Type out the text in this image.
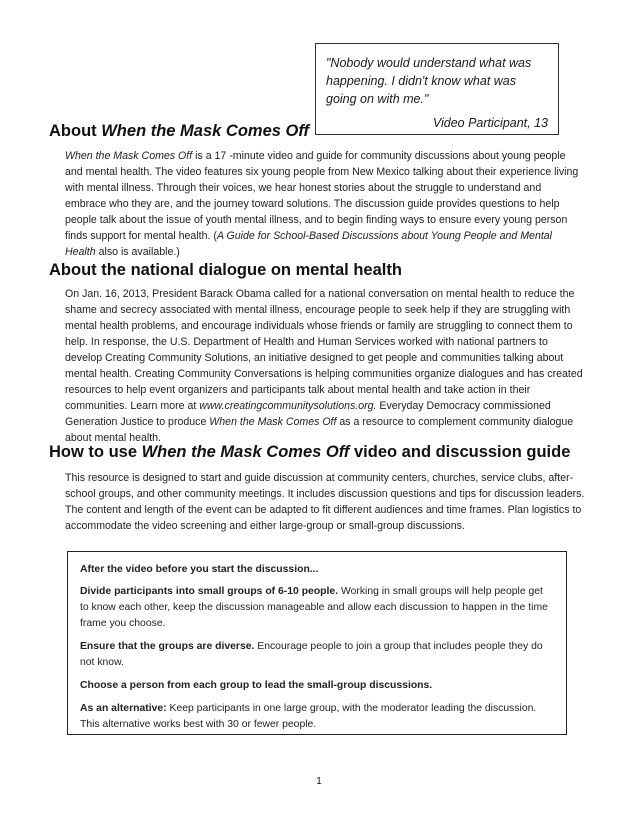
"Nobody would understand what was happening. I didn't know what was going on with me."
Video Participant, 13
About When the Mask Comes Off

When the Mask Comes Off is a 17 -minute video and guide for community discussions about young people and mental health. The video features six young people from New Mexico talking about their experience living with mental illness. Through their voices, we hear honest stories about the struggle to understand and embrace who they are, and the journey toward solutions. The discussion guide provides questions to help people talk about the issue of youth mental illness, and to begin finding ways to ensure every young person finds support for mental health. (A Guide for School-Based Discussions about Young People and Mental Health also is available.)

About the national dialogue on mental health

On Jan. 16, 2013, President Barack Obama called for a national conversation on mental health to reduce the shame and secrecy associated with mental illness, encourage people to seek help if they are struggling with mental health problems, and encourage individuals whose friends or family are struggling to connect them to help. In response, the U.S. Department of Health and Human Services worked with national partners to develop Creating Community Solutions, an initiative designed to get people and communities talking about mental health. Creating Community Conversations is helping communities organize dialogues and has created resources to help event organizers and participants talk about mental health and take action in their communities. Learn more at www.creatingcommunitysolutions.org. Everyday Democracy commissioned Generation Justice to produce When the Mask Comes Off as a resource to complement community dialogue about mental health.

How to use When the Mask Comes Off video and discussion guide

This resource is designed to start and guide discussion at community centers, churches, service clubs, after-school groups, and other community meetings. It includes discussion questions and tips for discussion leaders. The content and length of the event can be adapted to fit different audiences and time frames. Plan logistics to accommodate the video screening and either large-group or small-group discussions.

After the video before you start the discussion...

Divide participants into small groups of 6-10 people. Working in small groups will help people get to know each other, keep the discussion manageable and allow each discussion to happen in the time frame you choose.

Ensure that the groups are diverse. Encourage people to join a group that includes people they do not know.

Choose a person from each group to lead the small-group discussions.

As an alternative: Keep participants in one large group, with the moderator leading the discussion. This alternative works best with 30 or fewer people.

1
